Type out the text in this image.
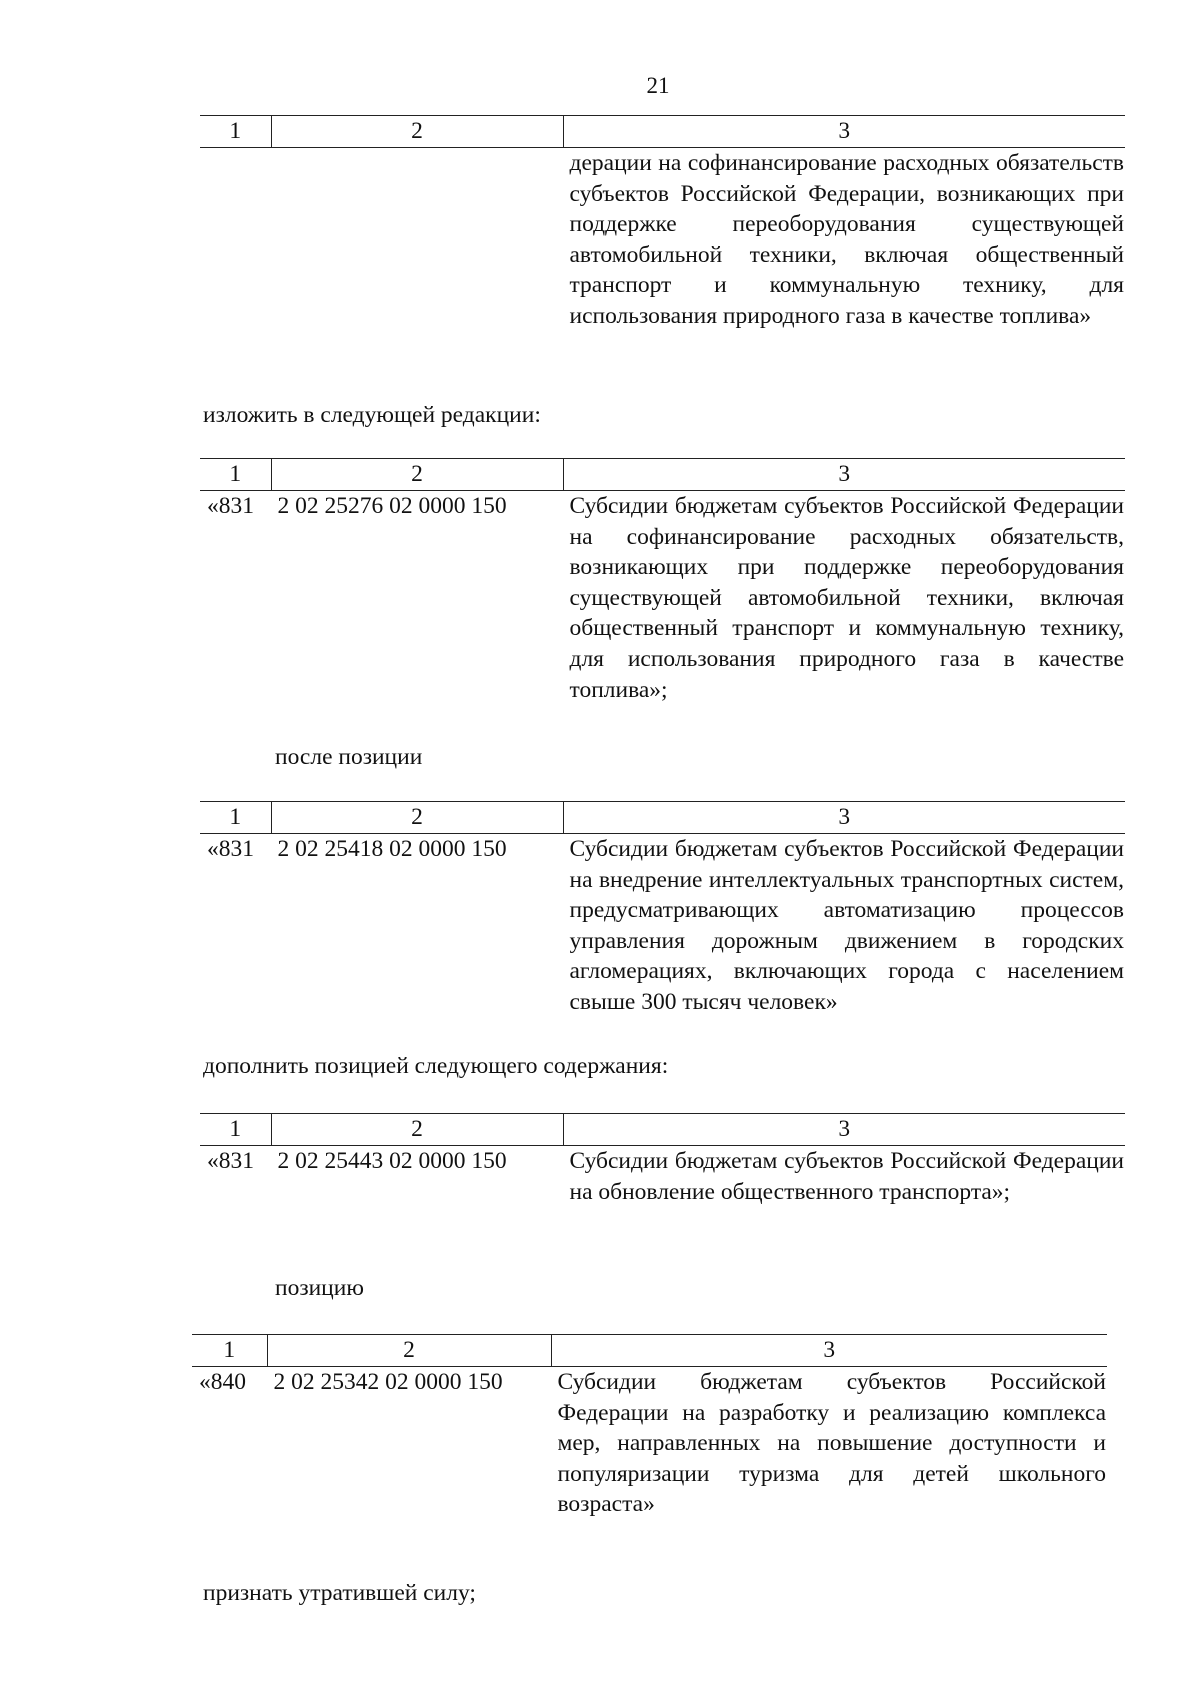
21
1	2	3
		дерации на софинансирование расходных обязательств субъектов Российской Федерации, возникающих при поддержке переоборудования существующей автомобильной техники, включая общественный транспорт и коммунальную технику, для использования природного газа в качестве топлива»
изложить в следующей редакции:
1	2	3
«831	2 02 25276 02 0000 150	Субсидии бюджетам субъектов Российской Федерации на софинансирование расходных обязательств, возникающих при поддержке переоборудования существующей автомобильной техники, включая общественный транспорт и коммунальную технику, для использования природного газа в качестве топлива»;
после позиции
1	2	3
«831	2 02 25418 02 0000 150	Субсидии бюджетам субъектов Российской Федерации на внедрение интеллектуальных транспортных систем, предусматривающих автоматизацию процессов управления дорожным движением в городских агломерациях, включающих города с населением свыше 300 тысяч человек»
дополнить позицией следующего содержания:
1	2	3
«831	2 02 25443 02 0000 150	Субсидии бюджетам субъектов Российской Федерации на обновление общественного транспорта»;
позицию
1	2	3
«840	2 02 25342 02 0000 150	Субсидии бюджетам субъектов Российской Федерации на разработку и реализацию комплекса мер, направленных на повышение доступности и популяризации туризма для детей школьного возраста»
признать утратившей силу;
